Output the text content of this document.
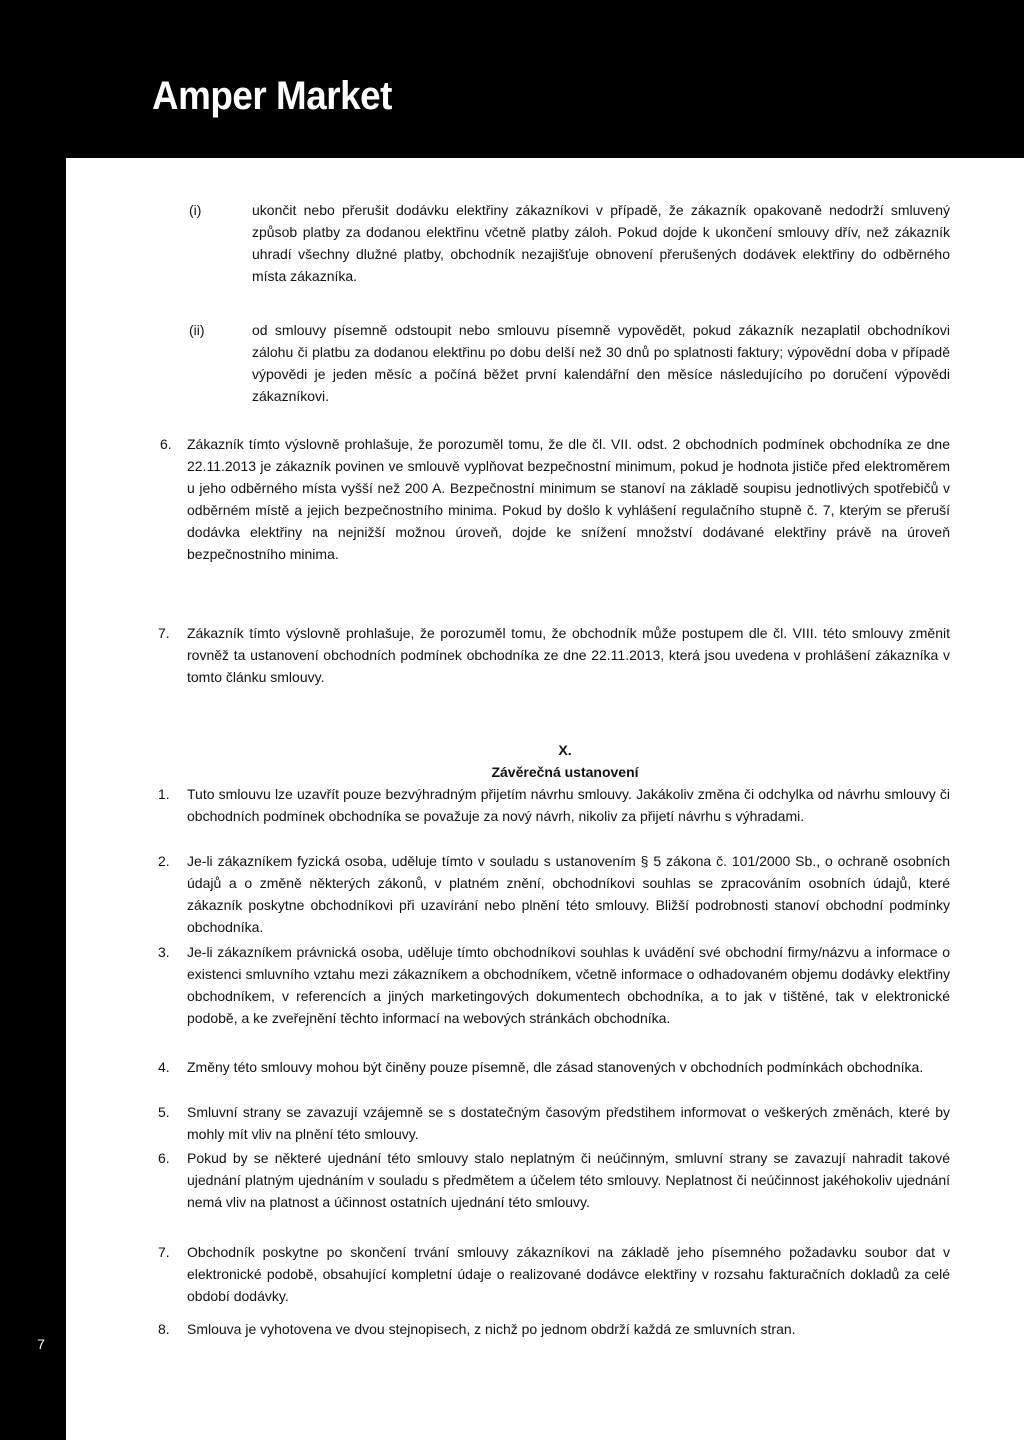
Amper Market
7
(i)	ukončit nebo přerušit dodávku elektřiny zákazníkovi v případě, že zákazník opakovaně nedodrží smluvený způsob platby za dodanou elektřinu včetně platby záloh. Pokud dojde k ukončení smlouvy dřív, než zákazník uhradí všechny dlužné platby, obchodník nezajišťuje obnovení přerušených dodávek elektřiny do odběrného místa zákazníka.

(ii)	od smlouvy písemně odstoupit nebo smlouvu písemně vypovědět, pokud zákazník nezaplatil obchodníkovi zálohu či platbu za dodanou elektřinu po dobu delší než 30 dnů po splatnosti faktury; výpovědní doba v případě výpovědi je jeden měsíc a počíná běžet první kalendářní den měsíce následujícího po doručení výpovědi zákazníkovi.

6. Zákazník tímto výslovně prohlašuje, že porozuměl tomu, že dle čl. VII. odst. 2 obchodních podmínek obchodníka ze dne 22.11.2013 je zákazník povinen ve smlouvě vyplňovat bezpečnostní minimum, pokud je hodnota jističe před elektroměrem u jeho odběrného místa vyšší než 200 A. Bezpečnostní minimum se stanoví na základě soupisu jednotlivých spotřebičů v odběrném místě a jejich bezpečnostního minima. Pokud by došlo k vyhlášení regulačního stupně č. 7, kterým se přeruší dodávka elektřiny na nejnižší možnou úroveň, dojde ke snížení množství dodávané elektřiny právě na úroveň bezpečnostního minima.

7. Zákazník tímto výslovně prohlašuje, že porozuměl tomu, že obchodník může postupem dle čl. VIII. této smlouvy změnit rovněž ta ustanovení obchodních podmínek obchodníka ze dne 22.11.2013, která jsou uvedena v prohlášení zákazníka v tomto článku smlouvy.

X.
Závěrečná ustanovení
1. Tuto smlouvu lze uzavřít pouze bezvýhradným přijetím návrhu smlouvy. Jakákoliv změna či odchylka od návrhu smlouvy či obchodních podmínek obchodníka se považuje za nový návrh, nikoliv za přijetí návrhu s výhradami.

2. Je-li zákazníkem fyzická osoba, uděluje tímto v souladu s ustanovením § 5 zákona č. 101/2000 Sb., o ochraně osobních údajů a o změně některých zákonů, v platném znění, obchodníkovi souhlas se zpracováním osobních údajů, které zákazník poskytne obchodníkovi při uzavírání nebo plnění této smlouvy. Bližší podrobnosti stanoví obchodní podmínky obchodníka.

3. Je-li zákazníkem právnická osoba, uděluje tímto obchodníkovi souhlas k uvádění své obchodní firmy/názvu a informace o existenci smluvního vztahu mezi zákazníkem a obchodníkem, včetně informace o odhadovaném objemu dodávky elektřiny obchodníkem, v referencích a jiných marketingových dokumentech obchodníka, a to jak v tištěné, tak v elektronické podobě, a ke zveřejnění těchto informací na webových stránkách obchodníka.

4. Změny této smlouvy mohou být činěny pouze písemně, dle zásad stanovených v obchodních podmínkách obchodníka.

5. Smluvní strany se zavazují vzájemně se s dostatečným časovým předstihem informovat o veškerých změnách, které by mohly mít vliv na plnění této smlouvy.

6. Pokud by se některé ujednání této smlouvy stalo neplatným či neúčinným, smluvní strany se zavazují nahradit takové ujednání platným ujednáním v souladu s předmětem a účelem této smlouvy. Neplatnost či neúčinnost jakéhokoliv ujednání nemá vliv na platnost a účinnost ostatních ujednání této smlouvy.

7. Obchodník poskytne po skončení trvání smlouvy zákazníkovi na základě jeho písemného požadavku soubor dat v elektronické podobě, obsahující kompletní údaje o realizované dodávce elektřiny v rozsahu fakturačních dokladů za celé období dodávky.

8. Smlouva je vyhotovena ve dvou stejnopisech, z nichž po jednom obdrží každá ze smluvních stran.
